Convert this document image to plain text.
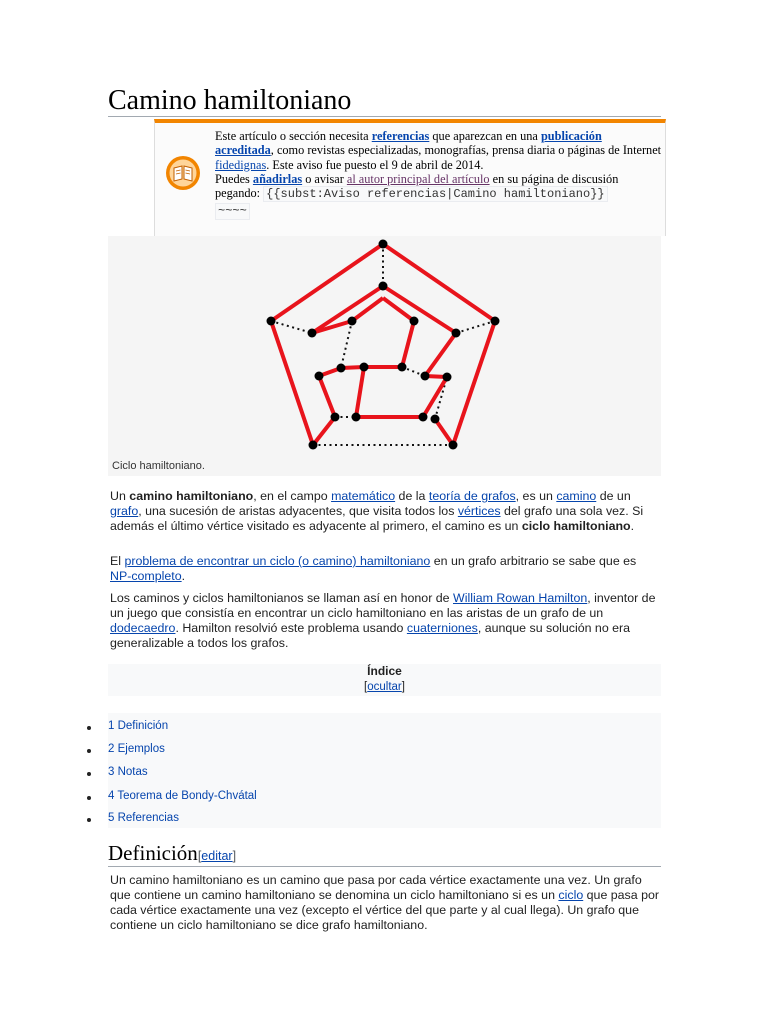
Camino hamiltoniano
Este artículo o sección necesita referencias que aparezcan en una publicación acreditada, como revistas especializadas, monografías, prensa diaria o páginas de Internet fidedignas. Este aviso fue puesto el 9 de abril de 2014.
Puedes añadirlas o avisar al autor principal del artículo en su página de discusión pegando: {{subst:Aviso referencias|Camino hamiltoniano}}
~~~~
Ciclo hamiltoniano.

Un camino hamiltoniano, en el campo matemático de la teoría de grafos, es un camino de un grafo, una sucesión de aristas adyacentes, que visita todos los vértices del grafo una sola vez. Si además el último vértice visitado es adyacente al primero, el camino es un ciclo hamiltoniano.

El problema de encontrar un ciclo (o camino) hamiltoniano en un grafo arbitrario se sabe que es NP-completo.

Los caminos y ciclos hamiltonianos se llaman así en honor de William Rowan Hamilton, inventor de un juego que consistía en encontrar un ciclo hamiltoniano en las aristas de un grafo de un dodecaedro. Hamilton resolvió este problema usando cuaterniones, aunque su solución no era generalizable a todos los grafos.

Índice
[ocultar]
1 Definición
2 Ejemplos
3 Notas
4 Teorema de Bondy-Chvátal
5 Referencias
Definición[editar]

Un camino hamiltoniano es un camino que pasa por cada vértice exactamente una vez. Un grafo que contiene un camino hamiltoniano se denomina un ciclo hamiltoniano si es un ciclo que pasa por cada vértice exactamente una vez (excepto el vértice del que parte y al cual llega). Un grafo que contiene un ciclo hamiltoniano se dice grafo hamiltoniano.
